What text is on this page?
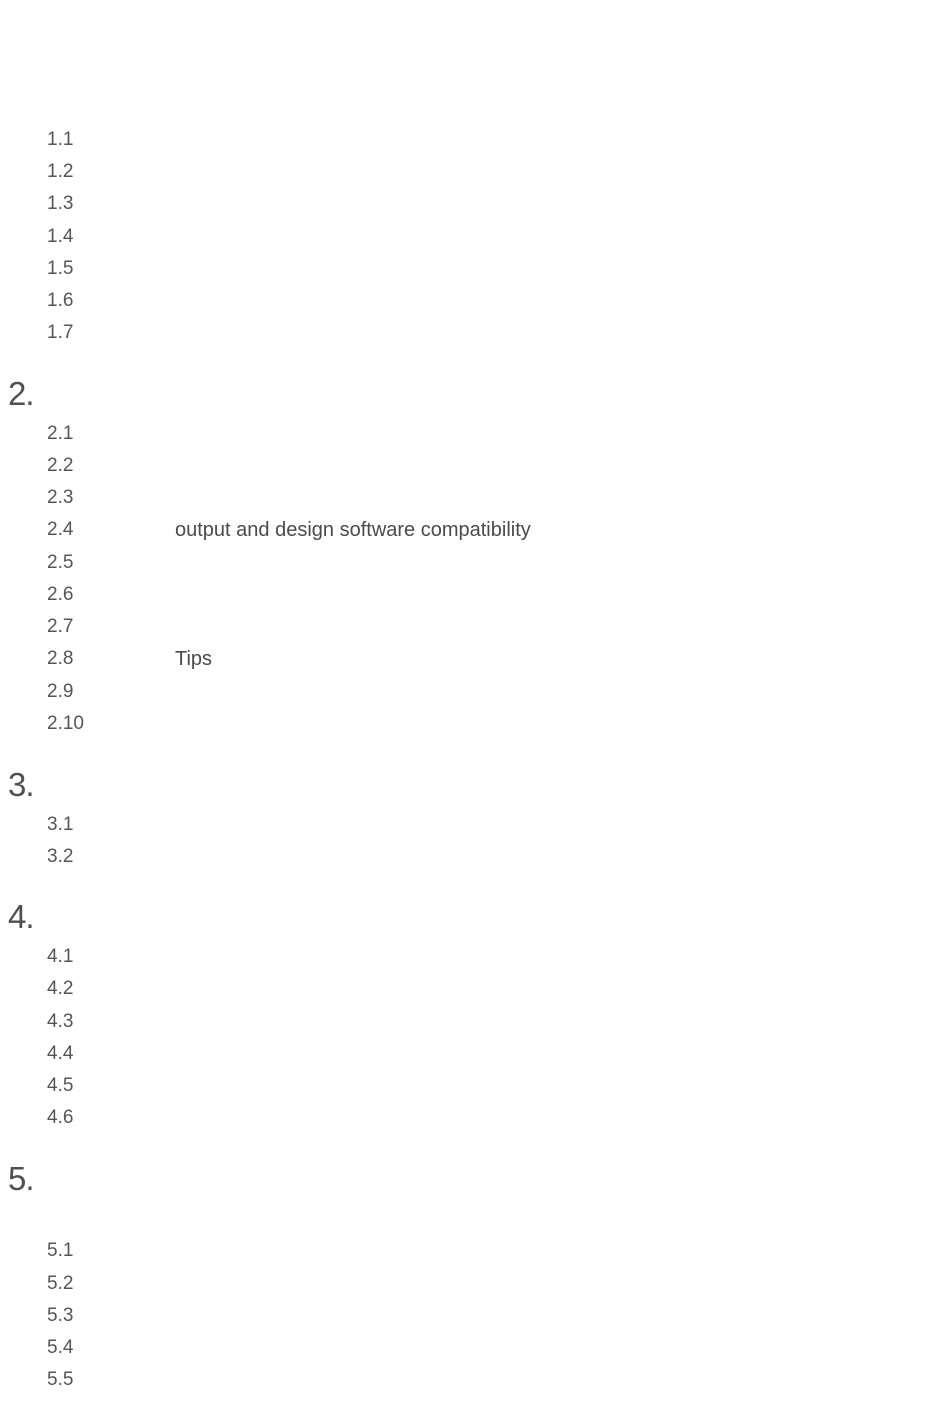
1.1
1.2
1.3
1.4
1.5
1.6
1.7
2.
2.1
2.2
2.3
2.4	output and design software compatibility
2.5
2.6
2.7
2.8	Tips
2.9
2.10
3.
3.1
3.2
4.
4.1
4.2
4.3
4.4
4.5
4.6
5.
5.1
5.2
5.3
5.4
5.5
